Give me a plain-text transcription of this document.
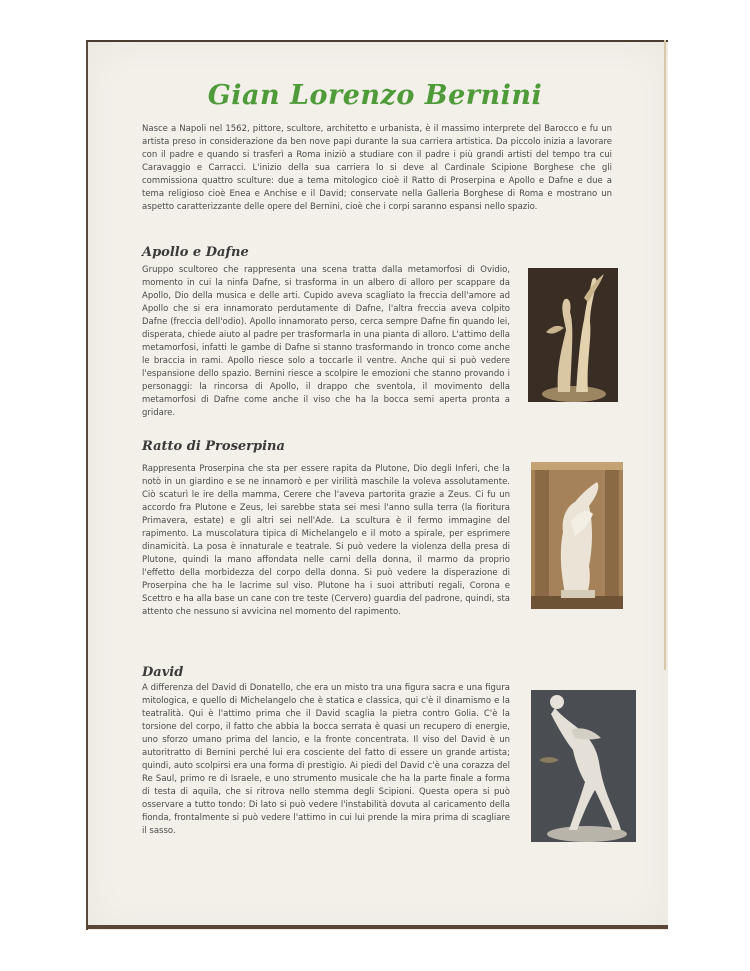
Gian Lorenzo Bernini

Nasce a Napoli nel 1562, pittore, scultore, architetto e urbanista, è il massimo interprete del Barocco e fu un artista preso in considerazione da ben nove papi durante la sua carriera artistica. Da piccolo inizia a lavorare con il padre e quando si trasferì a Roma iniziò a studiare con il padre i più grandi artisti del tempo tra cui Caravaggio e Carracci. L'inizio della sua carriera lo si deve al Cardinale Scipione Borghese che gli commissiona quattro sculture: due a tema mitologico cioè il Ratto di Proserpina e Apollo e Dafne e due a tema religioso cioè Enea e Anchise e il David; conservate nella Galleria Borghese di Roma e mostrano un aspetto caratterizzante delle opere del Bernini, cioè che i corpi saranno espansi nello spazio.

Apollo e Dafne

Gruppo scultoreo che rappresenta una scena tratta dalla metamorfosi di Ovidio, momento in cui la ninfa Dafne, si trasforma in un albero di alloro per scappare da Apollo, Dio della musica e delle arti. Cupido aveva scagliato la freccia dell'amore ad Apollo che si era innamorato perdutamente di Dafne, l'altra freccia aveva colpito Dafne (freccia dell'odio). Apollo innamorato perso, cerca sempre Dafne fin quando lei, disperata, chiede aiuto al padre per trasformarla in una pianta di alloro. L'attimo della metamorfosi, infatti le gambe di Dafne si stanno trasformando in tronco come anche le braccia in rami. Apollo riesce solo a toccarle il ventre. Anche qui si può vedere l'espansione dello spazio. Bernini riesce a scolpire le emozioni che stanno provando i personaggi: la rincorsa di Apollo, il drappo che sventola, il movimento della metamorfosi di Dafne come anche il viso che ha la bocca semi aperta pronta a gridare.

Ratto di Proserpina

Rappresenta Proserpina che sta per essere rapita da Plutone, Dio degli Inferi, che la notò in un giardino e se ne innamorò e per virilità maschile la voleva assolutamente. Ciò scaturì le ire della mamma, Cerere che l'aveva partorita grazie a Zeus. Ci fu un accordo fra Plutone e Zeus, lei sarebbe stata sei mesi l'anno sulla terra (la fioritura Primavera, estate) e gli altri sei nell'Ade. La scultura è il fermo immagine del rapimento. La muscolatura tipica di Michelangelo e il moto a spirale, per esprimere dinamicità. La posa è innaturale e teatrale. Si può vedere la violenza della presa di Plutone, quindi la mano affondata nelle carni della donna, il marmo da proprio l'effetto della morbidezza del corpo della donna. Si può vedere la disperazione di Proserpina che ha le lacrime sul viso. Plutone ha i suoi attributi regali, Corona e Scettro e ha alla base un cane con tre teste (Cervero) guardia del padrone, quindi, sta attento che nessuno si avvicina nel momento del rapimento.

David

A differenza del David di Donatello, che era un misto tra una figura sacra e una figura mitologica, e quello di Michelangelo che è statica e classica, qui c'è il dinamismo e la teatralità. Qui è l'attimo prima che il David scaglia la pietra contro Golia. C'è la torsione del corpo, il fatto che abbia la bocca serrata è quasi un recupero di energie, uno sforzo umano prima del lancio, e la fronte concentrata. Il viso del David è un autoritratto di Bernini perché lui era cosciente del fatto di essere un grande artista; quindi, auto scolpirsi era una forma di prestigio. Ai piedi del David c'è una corazza del Re Saul, primo re di Israele, e uno strumento musicale che ha la parte finale a forma di testa di aquila, che si ritrova nello stemma degli Scipioni. Questa opera si può osservare a tutto tondo: Di lato si può vedere l'instabilità dovuta al caricamento della fionda, frontalmente si può vedere l'attimo in cui lui prende la mira prima di scagliare il sasso.
